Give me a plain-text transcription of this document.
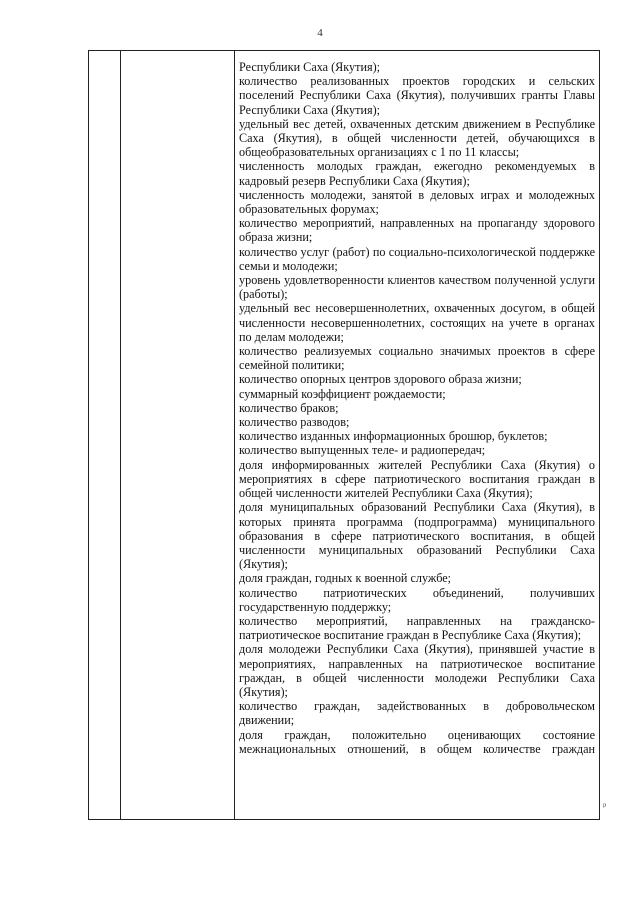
4

Республики Саха (Якутия);

количество реализованных проектов городских и сельских поселений Республики Саха (Якутия), получивших гранты Главы Республики Саха (Якутия);

удельный вес детей, охваченных детским движением в Республике Саха (Якутия), в общей численности детей, обучающихся в общеобразовательных организациях с 1 по 11 классы;

численность молодых граждан, ежегодно рекомендуемых в кадровый резерв Республики Саха (Якутия);

численность молодежи, занятой в деловых играх и молодежных образовательных форумах;

количество мероприятий, направленных на пропаганду здорового образа жизни;

количество услуг (работ) по социально-психологической поддержке семьи и молодежи;

уровень удовлетворенности клиентов качеством полученной услуги (работы);

удельный вес несовершеннолетних, охваченных досугом, в общей численности несовершеннолетних, состоящих на учете в органах по делам молодежи;

количество реализуемых социально значимых проектов в сфере семейной политики;

количество опорных центров здорового образа жизни;

суммарный коэффициент рождаемости;

количество браков;

количество разводов;

количество изданных информационных брошюр, буклетов;

количество выпущенных теле- и радиопередач;

доля информированных жителей Республики Саха (Якутия) о мероприятиях в сфере патриотического воспитания граждан в общей численности жителей Республики Саха (Якутия);

доля муниципальных образований Республики Саха (Якутия), в которых принята программа (подпрограмма) муниципального образования в сфере патриотического воспитания, в общей численности муниципальных образований Республики Саха (Якутия);

доля граждан, годных к военной службе;

количество патриотических объединений, получивших государственную поддержку;

количество мероприятий, направленных на гражданско-патриотическое воспитание граждан в Республике Саха (Якутия);

доля молодежи Республики Саха (Якутия), принявшей участие в мероприятиях, направленных на патриотическое воспитание граждан, в общей численности молодежи Республики Саха (Якутия);

количество граждан, задействованных в добровольческом движении;

доля граждан, положительно оценивающих состояние межнациональных отношений, в общем количестве граждан

ᵖ
